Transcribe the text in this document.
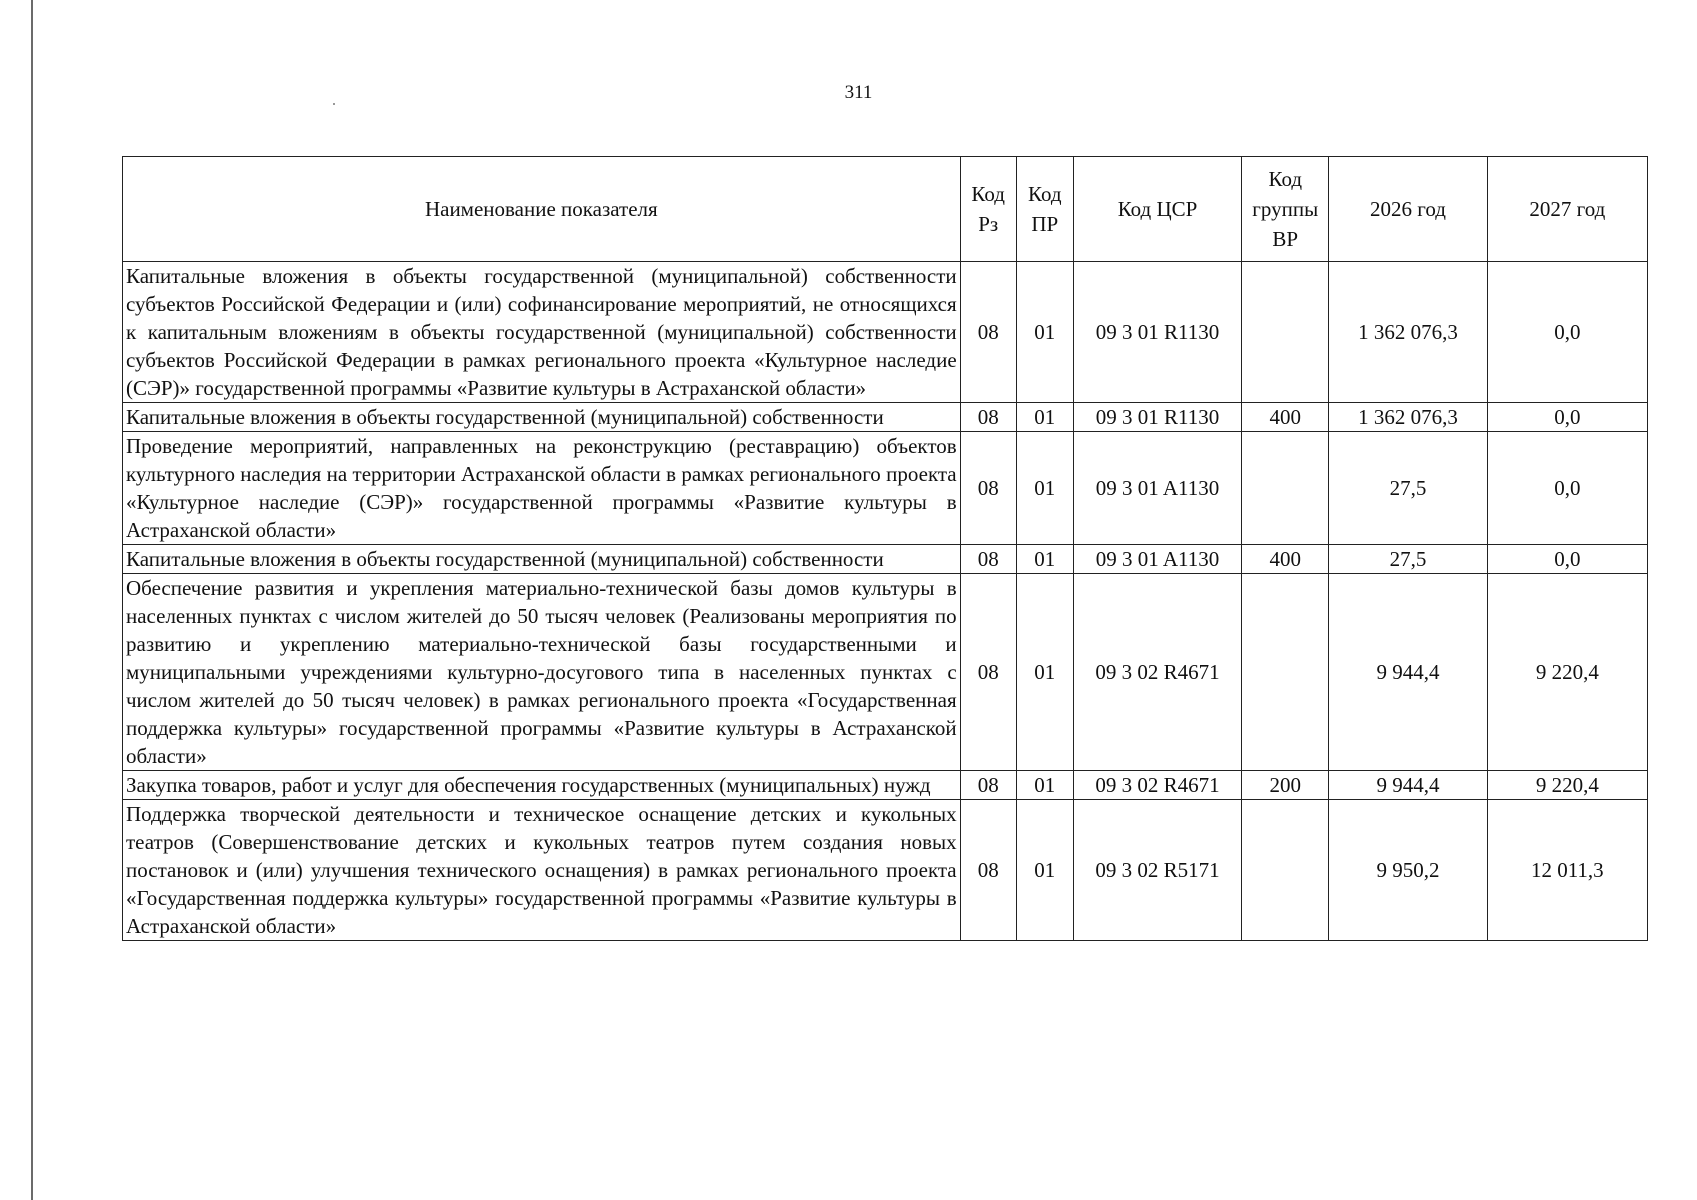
311
Наименование показателя	Код Рз	Код ПР	Код ЦСР	Код группы ВР	2026 год	2027 год
Капитальные вложения в объекты государственной (муниципальной) собственности субъектов Российской Федерации и (или) софинансирование мероприятий, не относящихся к капитальным вложениям в объекты государственной (муниципальной) собственности субъектов Российской Федерации в рамках регионального проекта «Культурное наследие (СЭР)» государственной программы «Развитие культуры в Астраханской области»	08	01	09 3 01 R1130		1 362 076,3	0,0
Капитальные вложения в объекты государственной (муниципальной) собственности	08	01	09 3 01 R1130	400	1 362 076,3	0,0
Проведение мероприятий, направленных на реконструкцию (реставрацию) объектов культурного наследия на территории Астраханской области в рамках регионального проекта «Культурное наследие (СЭР)» государственной программы «Развитие культуры в Астраханской области»	08	01	09 3 01 A1130		27,5	0,0
Капитальные вложения в объекты государственной (муниципальной) собственности	08	01	09 3 01 A1130	400	27,5	0,0
Обеспечение развития и укрепления материально-технической базы домов культуры в населенных пунктах с числом жителей до 50 тысяч человек (Реализованы мероприятия по развитию и укреплению материально-технической базы государственными и муниципальными учреждениями культурно-досугового типа в населенных пунктах с числом жителей до 50 тысяч человек) в рамках регионального проекта «Государственная поддержка культуры» государственной программы «Развитие культуры в Астраханской области»	08	01	09 3 02 R4671		9 944,4	9 220,4
Закупка товаров, работ и услуг для обеспечения государственных (муниципальных) нужд	08	01	09 3 02 R4671	200	9 944,4	9 220,4
Поддержка творческой деятельности и техническое оснащение детских и кукольных театров (Совершенствование детских и кукольных театров путем создания новых постановок и (или) улучшения технического оснащения) в рамках регионального проекта «Государственная поддержка культуры» государственной программы «Развитие культуры в Астраханской области»	08	01	09 3 02 R5171		9 950,2	12 011,3
